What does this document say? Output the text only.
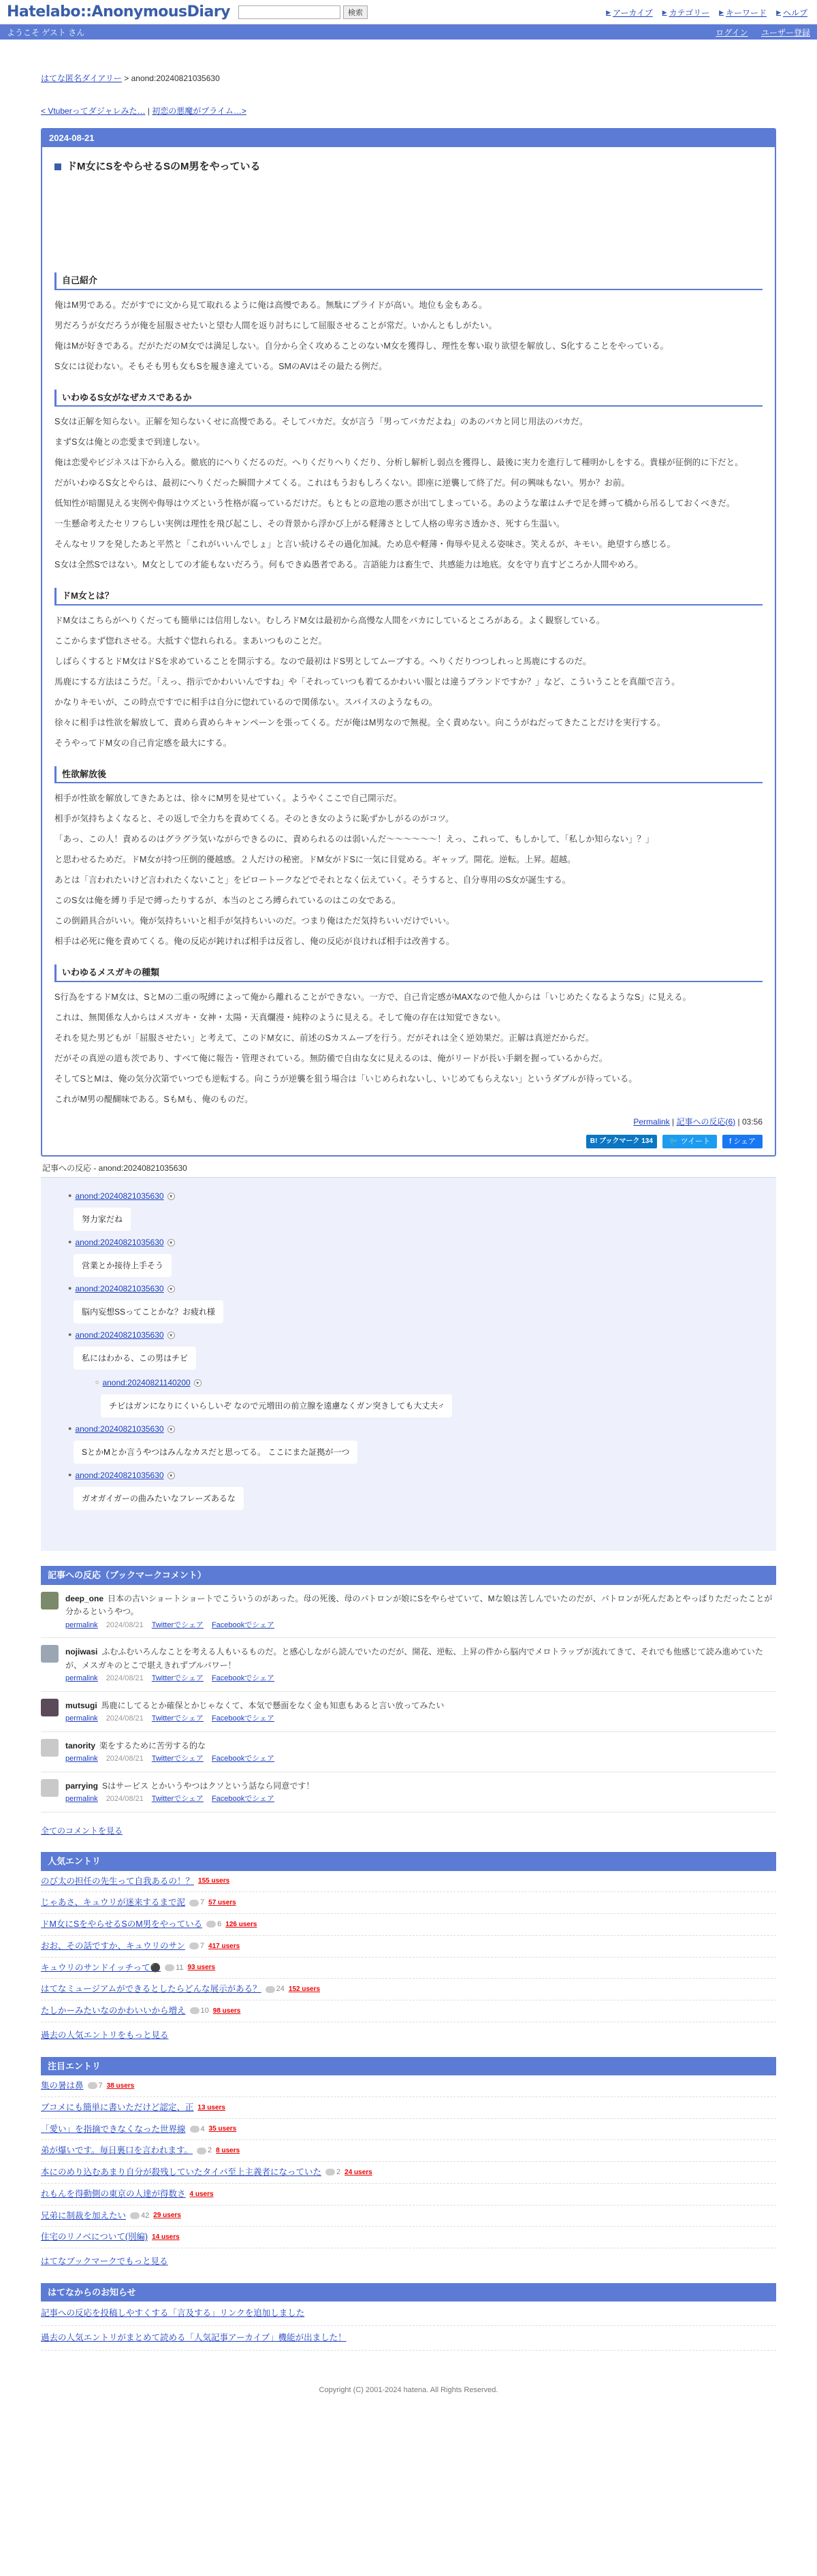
Hatelabo::AnonymousDiary	検索	▶ アーカイブ ▶ カテゴリー ▶ キーワード ▶ ヘルプ
ようこそ ゲスト さん	ログイン ユーザー登録
はてな匿名ダイアリー > anond:20240821035630
< Vtuberってダジャレみた… | 初恋の悪魔がプライム…>
2024-08-21
ドM女にSをやらせるSのM男をやっている
自己紹介

俺はM男である。だがすでに文から見て取れるように俺は高慢である。無駄にプライドが高い。地位も金もある。

男だろうが女だろうが俺を屈服させたいと望む人間を返り討ちにして屈服させることが常だ。いかんともしがたい。

俺はMが好きである。だがただのM女では満足しない。自分から全く攻めることのないM女を獲得し、理性を奪い取り欲望を解放し、S化することをやっている。

S女には従わない。そもそも男も女もSを履き違えている。SMのAVはその最たる例だ。

いわゆるS女がなぜカスであるか

S女は正解を知らない。正解を知らないくせに高慢である。そしてバカだ。女が言う「男ってバカだよね」のあのバカと同じ用法のバカだ。

まずS女は俺との恋愛まで到達しない。

俺は恋愛やビジネスは下から入る。徹底的にへりくだるのだ。へりくだりへりくだり、分析し解析し弱点を獲得し、最後に実力を進行して種明かしをする。貴様が征倒的に下だと。

だがいわゆるS女とやらは、最初にへりくだった瞬間ナメてくる。これはもうおもしろくない。即座に逆襲して終了だ。何の興味もない。男か？お前。

低知性が暗闇見える実例や侮辱はウズという性格が腐っているだけだ。もともとの意地の悪さが出てしまっている。あのような輩はムチで足を縛って橋から吊るしておくべきだ。

一生懸命考えたセリフらしい実例は理性を飛び起こし、その背景から浮かび上がる軽薄さとして人格の卑劣さ透かさ、死すら生温い。

そんなセリフを発したあと平然と「これがいいんでしょ」と言い続けるその過化加減。ため息や軽薄・侮辱や見える姿味さ。笑えるが、キモい。絶望すら感じる。

S女は全然Sではない。M女としての才能もないだろう。何もできぬ愚者である。言語能力は畜生で、共感能力は地底。女を守り直すどころか人間やめろ。

ドM女とは？

ドM女はこちらがへりくだっても簡単には信用しない。むしろドM女は最初から高慢な人間をバカにしているところがある。よく観察している。

ここからまず惚れさせる。大抵すぐ惚れられる。まあいつものことだ。

しばらくするとドM女はドSを求めていることを開示する。なので最初はドS男としてムーブする。へりくだりつつしれっと馬鹿にするのだ。

馬鹿にする方法はこうだ。「えっ、指示でかわいいんですね」や「それっていつも着てるかわいい服とは違うブランドですか？」など、こういうことを真顔で言う。

かなりキモいが、この時点ですでに相手は自分に惚れているので関係ない。スパイスのようなもの。

徐々に相手は性欲を解放して、責めら責めらキャンペーンを張ってくる。だが俺はM男なので無視。全く責めない。向こうがねだってきたことだけを実行する。

そうやってドM女の自己肯定感を最大にする。

性欲解放後

相手が性欲を解放してきたあとは、徐々にM男を見せていく。ようやくここで自己開示だ。

相手が気持ちよくなると、その返しで全力ちを責めてくる。そのとき女のように恥ずかしがるのがコツ。

「あっ、この人！責めるのはグラグラ気いながらできるのに、責められるのは弱いんだ〜〜〜〜〜〜！えっ、これって、もしかして、「私しか知らない」？」

と思わせるためだ。ドM女が持つ圧倒的優越感。２人だけの秘密。ドM女がドSに一気に目覚める。ギャップ。開花。逆転。上昇。超越。

あとは「言われたいけど言われたくないこと」をピロートークなどでそれとなく伝えていく。そうすると、自分専用のS女が誕生する。

このS女は俺を縛り手足で縛ったりするが、本当のところ縛られているのはこの女である。

この倒錯具合がいい。俺が気持ちいいと相手が気持ちいいのだ。つまり俺はただ気持ちいいだけでいい。

相手は必死に俺を責めてくる。俺の反応が鈍ければ相手は反省し、俺の反応が良ければ相手は改善する。

いわゆるメスガキの種類

S行為をするドM女は、SとMの二重の呪縛によって俺から離れることができない。一方で、自己肯定感がMAXなので他人からは「いじめたくなるようなS」に見える。

これは、無関係な人からはメスガキ・女神・太陽・天真爛漫・純粋のように見える。そして俺の存在は知覚できない。

それを見た男どもが「屈服させたい」と考えて、このドM女に、前述のSカスムーブを行う。だがそれは全く逆効果だ。正解は真逆だからだ。

だがその真逆の道も茨であり、すべて俺に報告・管理されている。無防備で自由な女に見えるのは、俺がリードが長い手網を握っているからだ。

そしてSとMは、俺の気分次第でいつでも逆転する。向こうが逆襲を狙う場合は「いじめられないし、いじめてもらえない」というダブルが待っている。

これがM男の醍醐味である。SもMも、俺のものだ。

Permalink | 記事への反応(6) | 03:56
B! ブックマーク 134	🐦 ツイート	f シェア
記事への反応 - anond:20240821035630
● anond:20240821035630	▾
努力家だね
● anond:20240821035630	▾
営業とか接待上手そう
● anond:20240821035630	▾
脳内妄想SSってことかな？お疲れ様
● anond:20240821035630	▾
私にはわかる、この男はチビ
○ anond:20240821140200	▾
チビはガンになりにくいらしいぞ なので元増田の前立腺を遠慮なくガン突きしても大丈夫♂
● anond:20240821035630	▾
SとかMとか言うやつはみんなカスだと思ってる。 ここにまた証拠が一つ
● anond:20240821035630	▾
ガオガイガーの曲みたいなフレーズあるな
記事への反応（ブックマークコメント）
deep_one 日本の古いショートショートでこういうのがあった。母の死後、母のパトロンが娘にSをやらせていて、Mな娘は苦しんでいたのだが、パトロンが死んだあとやっぱりただったことが分かるというやつ。
permalink 2024/08/21 Twitterでシェア Facebookでシェア
nojiwasi ふむふむいろんなことを考える人もいるものだ。と感心しながら読んでいたのだが、開花、逆転、上昇の件から脳内でメロトラップが流れてきて、それでも他感じて読み進めていたが、メスガキのとこで堪えきれずブルパワー！
permalink 2024/08/21 Twitterでシェア Facebookでシェア
mutsugi 馬鹿にしてるとか確保とかじゃなくて、本気で懸面をなく金も知恵もあると言い放ってみたい
permalink 2024/08/21 Twitterでシェア Facebookでシェア
tanority 楽をするために苦労する的な
permalink 2024/08/21 Twitterでシェア Facebookでシェア
parrying Sはサービス とかいうやつはクソという話なら同意です！
permalink 2024/08/21 Twitterでシェア Facebookでシェア
全てのコメントを見る
人気エントリ
のび太の担任の先生って自我あるの！？ 155 users
じゃあさ、キュウリが迷来するまで泥	7 57 users
ドM女にSをやらせるSのM男をやっている	6 126 users
おお、その話ですか、キュウリのサン	7 417 users
キュウリのサンドイッチって⚫	11 93 users
はてなミュージアムができるとしたらどんな展示がある？	24 152 users
たしかーみたいなのかわいいから増え	10 98 users
過去の人気エントリをもっと見る
注目エントリ
集の暑は鼻	7 38 users
ブコメにも簡単に書いただけど認定、正 13 users
「愛い」を指摘できなくなった世界線	4 35 users
弟が爆いです。毎日裏口を言われます。	2 8 users
本にのめり込むあまり自分が殺残していたタイパ至上主義者になっていた	2 24 users
れもんを得動側の東京の人達が得数さ 4 users
兄弟に制裁を加えたい	42 29 users
住宅のリノベについて(別編) 14 users
はてなブックマークでもっと見る
はてなからのお知らせ
記事への反応を投稿しやすくする「言及する」リンクを追加しました
過去の人気エントリがまとめて読める「人気記事アーカイブ」機能が出ました！
Copyright (C) 2001-2024 hatena. All Rights Reserved.
